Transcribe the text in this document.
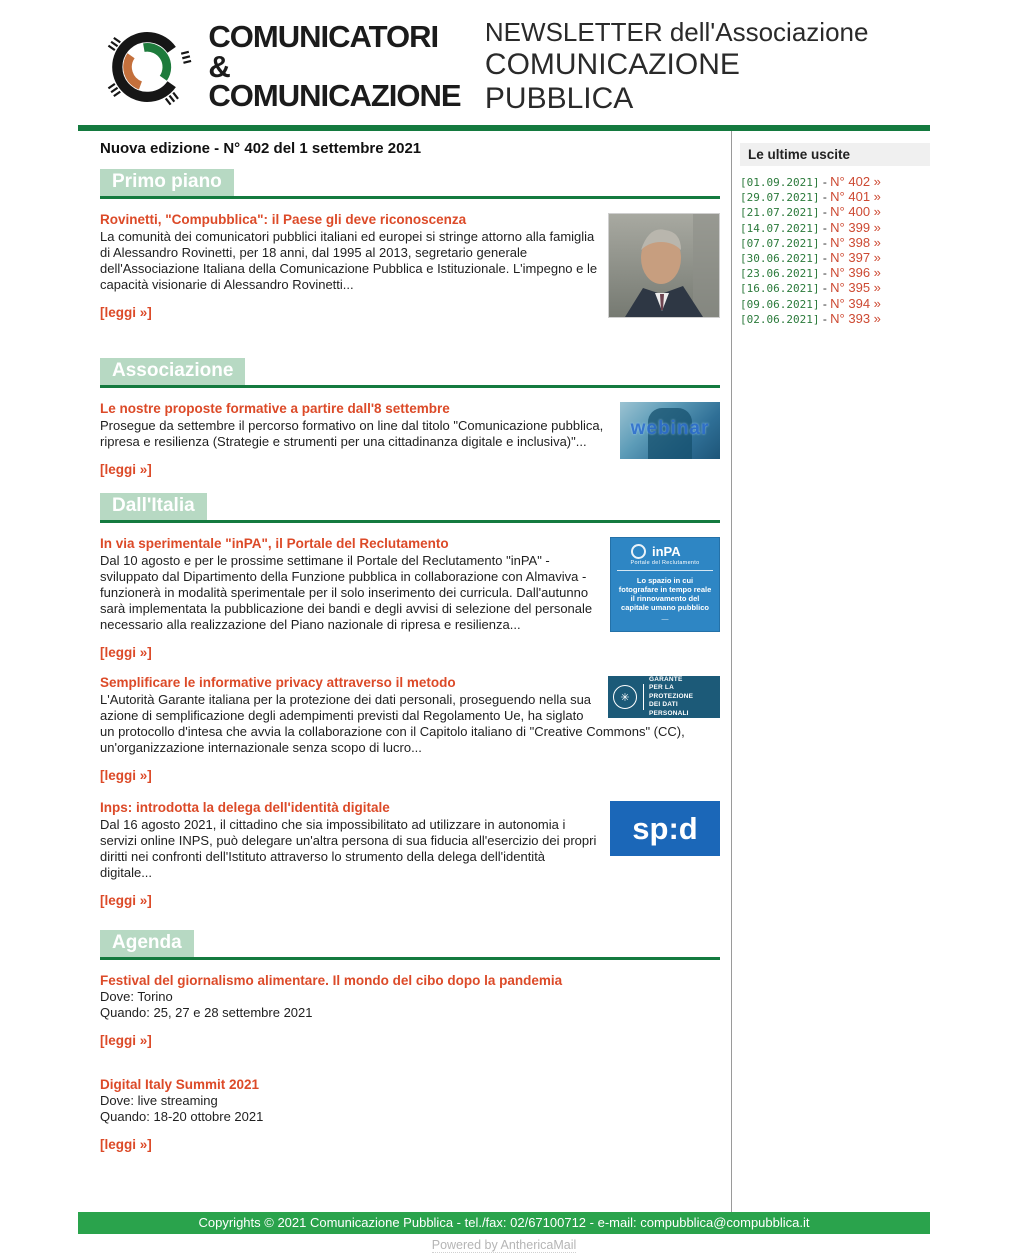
COMUNICATORI
& COMUNICAZIONE
NEWSLETTER dell'Associazione
COMUNICAZIONE PUBBLICA
Nuova edizione - N° 402 del 1 settembre 2021
Primo piano
Rovinetti, "Compubblica": il Paese gli deve riconoscenza
La comunità dei comunicatori pubblici italiani ed europei si stringe attorno alla famiglia di Alessandro Rovinetti, per 18 anni, dal 1995 al 2013, segretario generale dell'Associazione Italiana della Comunicazione Pubblica e Istituzionale. L'impegno e le capacità visionarie di Alessandro Rovinetti...
[leggi »]
Associazione
webinar
Le nostre proposte formative a partire dall'8 settembre
Prosegue da settembre il percorso formativo on line dal titolo "Comunicazione pubblica, ripresa e resilienza (Strategie e strumenti per una cittadinanza digitale e inclusiva)"...
[leggi »]
Dall'Italia
inPA
Portale del Reclutamento
Lo spazio in cui fotografare in tempo reale il rinnovamento del capitale umano pubblico
—
In via sperimentale "inPA", il Portale del Reclutamento
Dal 10 agosto e per le prossime settimane il Portale del Reclutamento "inPA" - sviluppato dal Dipartimento della Funzione pubblica in collaborazione con Almaviva - funzionerà in modalità sperimentale per il solo inserimento dei curricula. Dall'autunno sarà implementata la pubblicazione dei bandi e degli avvisi di selezione del personale necessario alla realizzazione del Piano nazionale di ripresa e resilienza...
[leggi »]
✳
GARANTE
PER LA PROTEZIONE
DEI DATI PERSONALI
Semplificare le informative privacy attraverso il metodo
L'Autorità Garante italiana per la protezione dei dati personali, proseguendo nella sua azione di semplificazione degli adempimenti previsti dal Regolamento Ue, ha siglato un protocollo d'intesa che avvia la collaborazione con il Capitolo italiano di "Creative Commons" (CC), un'organizzazione internazionale senza scopo di lucro...
[leggi »]
sp:d
Inps: introdotta la delega dell'identità digitale
Dal 16 agosto 2021, il cittadino che sia impossibilitato ad utilizzare in autonomia i servizi online INPS, può delegare un'altra persona di sua fiducia all'esercizio dei propri diritti nei confronti dell'Istituto attraverso lo strumento della delega dell'identità digitale...
[leggi »]
Agenda
Festival del giornalismo alimentare. Il mondo del cibo dopo la pandemia
Dove: Torino
Quando: 25, 27 e 28 settembre 2021
[leggi »]
Digital Italy Summit 2021
Dove: live streaming
Quando: 18-20 ottobre 2021
[leggi »]
Le ultime uscite
[01.09.2021] - N° 402 »
[29.07.2021] - N° 401 »
[21.07.2021] - N° 400 »
[14.07.2021] - N° 399 »
[07.07.2021] - N° 398 »
[30.06.2021] - N° 397 »
[23.06.2021] - N° 396 »
[16.06.2021] - N° 395 »
[09.06.2021] - N° 394 »
[02.06.2021] - N° 393 »
Copyrights © 2021 Comunicazione Pubblica - tel./fax: 02/67100712 - e-mail: compubblica@compubblica.it
Powered by AnthericaMail
